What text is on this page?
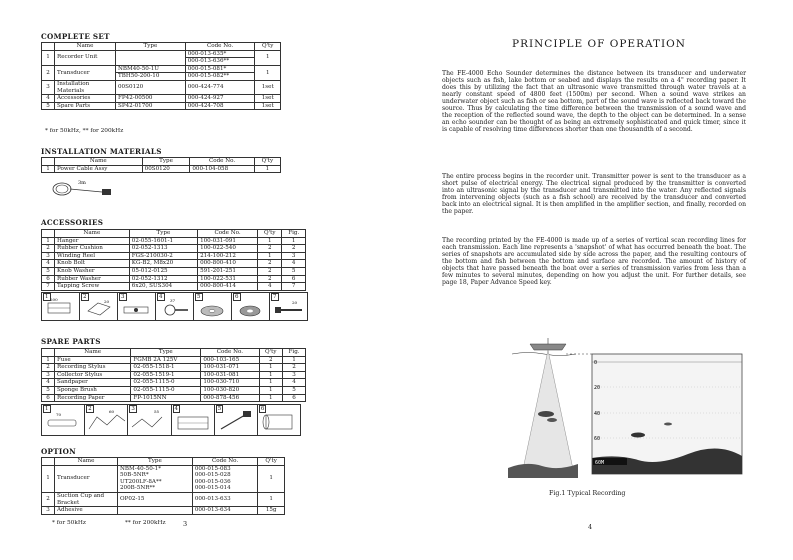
COMPLETE SET
	Name	Type	Code No.	Q'ty
1	Recorder Unit		000-013-635*	1
			000-013-636**	
2	Transducer	NBM40-50-1U	000-015-081*	1
		TBH50-200-10	000-015-082**	
3	Installation Materials	00S0120	000-424-774	1set
4	Accessories	FP42-00500	000-424-927	1set
5	Spare Parts	SP42-01700	000-424-708	1set
* for 50kHz, ** for 200kHz
INSTALLATION MATERIALS
	Name	Type	Code No.	Q'ty
1	Power Cable Assy	00S0120	000-104-058	1
3m
ACCESSORIES
	Name	Type	Code No.	Q'ty	Fig.
1	Hanger	02-055-1601-1	100-031-091	1	1
2	Rubber Cushion	02-052-1313	100-022-540	2	2
3	Winding Reel	FGS-210030-2	214-100-212	1	3
4	Knob Bolt	KG-B2, M8x20	000-800-410	2	4
5	Knob Washer	05-012-0125	591-201-251	2	5
6	Rubber Washer	02-052-1312	100-022-531	2	6
7	Tapping Screw	6x20, SUS304	000-800-414	4	7
1 200	2
20
3	4
37
5	6	7
20
SPARE PARTS
	Name	Type	Code No.	Q'ty	Fig.
1	Fuse	FGMB 2A 125V	000-103-165	2	1
2	Recording Stylus	02-055-1518-1	100-031-071	1	2
3	Collector Stylus	02-055-1519-1	100-031-081	1	3
4	Sandpaper	02-055-1115-0	100-030-710	1	4
5	Sponge Brush	02-055-1115-0	100-030-820	1	5
6	Recording Paper	FP-1015NN	000-878-456	1	6
1
70
2	60	3	55	4	5	6
OPTION
	Name	Type	Code No.	Q'ty
1	Transducer	NBM-40-50-1*	000-015-083	1
		50B-5NR*	000-015-028	
		UT200LF-8A**	000-015-036	
		200B-5NR**	000-015-014	
2	Suction Cup and Bracket	OP02-15	000-013-633	1
3	Adhesive		000-013-634	15g
* for 50kHz	** for 200kHz	3
PRINCIPLE OF OPERATION
The FE-4000 Echo Sounder determines the distance between its transducer and underwater objects such as fish, lake bottom or seabed and displays the results on a 4" recording paper. It does this by utilizing the fact that an ultrasonic wave transmitted through water travels at a nearly constant speed of 4800 feet (1500m) per second. When a sound wave strikes an underwater object such as fish or sea bottom, part of the sound wave is reflected back toward the source. Thus by calculating the time difference between the transmission of a sound wave and the reception of the reflected sound wave, the depth to the object can be determined. In a sense an echo sounder can be thought of as being an extremely sophisticated and quick timer, since it is capable of resolving time differences shorter than one thousandth of a second.
The entire process begins in the recorder unit. Transmitter power is sent to the transducer as a short pulse of electrical energy. The electrical signal produced by the transmitter is converted into an ultrasonic signal by the transducer and transmitted into the water. Any reflected signals from intervening objects (such as a fish school) are received by the transducer and converted back into an electrical signal. It is then amplified in the amplifier section, and finally, recorded on the paper.
The recording printed by the FE-4000 is made up of a series of vertical scan recording lines for each transmission. Each line represents a 'snapshot' of what has occurred beneath the boat. The series of snapshots are accumulated side by side across the paper, and the resulting contours of the bottom and fish between the bottom and surface are recorded. The amount of history of objects that have passed beneath the boat over a series of transmission varies from less than a few minutes to several minutes, depending on how you adjust the unit. For further details, see page 18, Paper Advance Speed key.
0
20
40
60
60M
Fig.1 Typical Recording
4
